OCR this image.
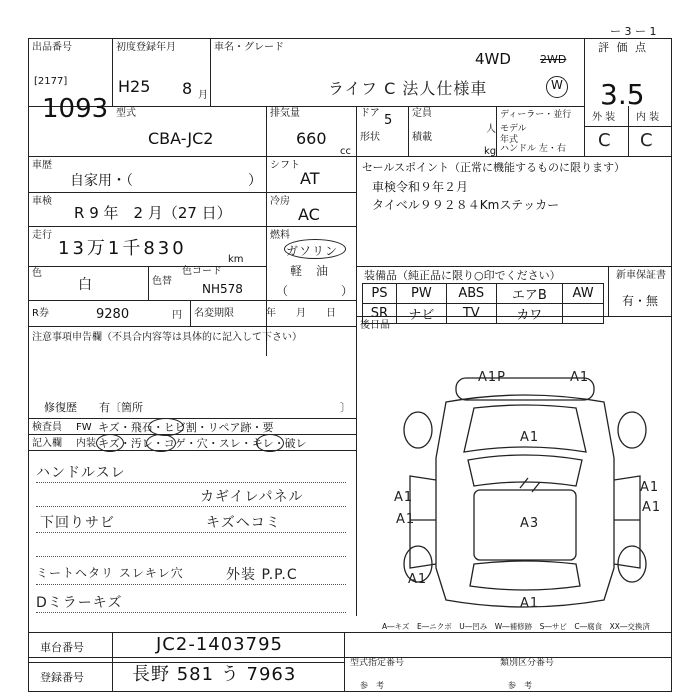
ー 3 ー 1
出品番号
[2177]
1093
初度登録年月
H25 8 月
車名・グレード
4WD	2WD
W
ライフ C 法人仕様車
評 価 点
3.5
型式
CBA-JC2
排気量
660
cc
ドア 5 定員
人
形状	積載
kg
ディーラー・並行
モデル年式
ハンドル 左・右
外 装 内 装
C C
車歴
自家用・（	）
シフト
AT
車検
R 9 年　2 月（27 日）
冷房
AC
走行
13万1千830
km
燃料
ガソリン
軽　油
（　　　　）
色
白	色替
色コード
NH578
R券	9280	円 名変期限	年　　月　　日
セールスポイント（正常に機能するものに限ります）
車検令和９年２月
タイベル９９２８４Kmステッカー
装備品（純正品に限り○印でください）	新車保証書
有・無
PS	PW	ABS	エアB	AW
SR	ナビ	TV	カワ	
後日品
注意事項申告欄（不具合内容等は具体的に記入して下さい）
修復歴　　有〔箇所	〕
検査員 FW キズ・飛石・ヒビ割・リペア跡・要
記入欄 内装 キズ・汚レ・コゲ・穴・スレ・キレ・破レ
ハンドルスレ
カギイレパネル
下回りサビ	キズヘコミ
ミートヘタリ スレキレ穴	外装 P.P.C
Dミラーキズ
A1P	A1
A1
A1
A1	A3
A1
A1
A1
A1
A―キズ　E―ニクボ　U―凹み　W―補修跡　S―サビ　C―腐食　XX―交換済
車台番号	JC2-1403795
登録番号	長野 581 う 7963
型式指定番号
参　考
類別区分番号
参　考
